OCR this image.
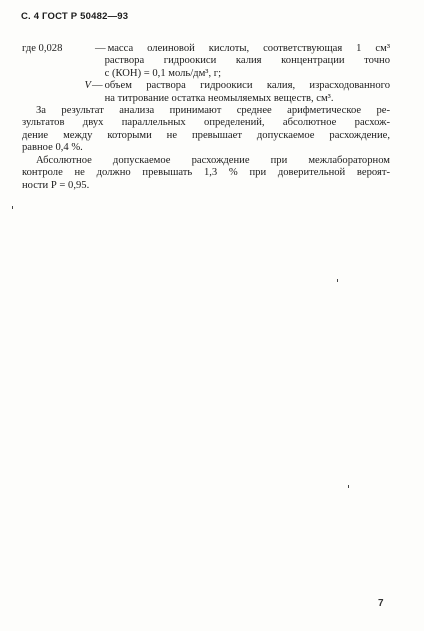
С. 4 ГОСТ Р 50482—93
где 0,028	— масса олеиновой кислоты, соответствующая 1 см³
раствора гидроокиси калия концентрации точно
с (КОН) = 0,1 моль/дм³, г;
V — объем раствора гидроокиси калия, израсходованного
на титрование остатка неомыляемых веществ, см³.
За результат анализа принимают среднее арифметическое ре-
зультатов двух параллельных определений, абсолютное расхож-
дение между которыми не превышает допускаемое расхождение,
равное 0,4 %.
Абсолютное допускаемое расхождение при межлабораторном
контроле не должно превышать 1,3 % при доверительной вероят-
ности Р = 0,95.
7
